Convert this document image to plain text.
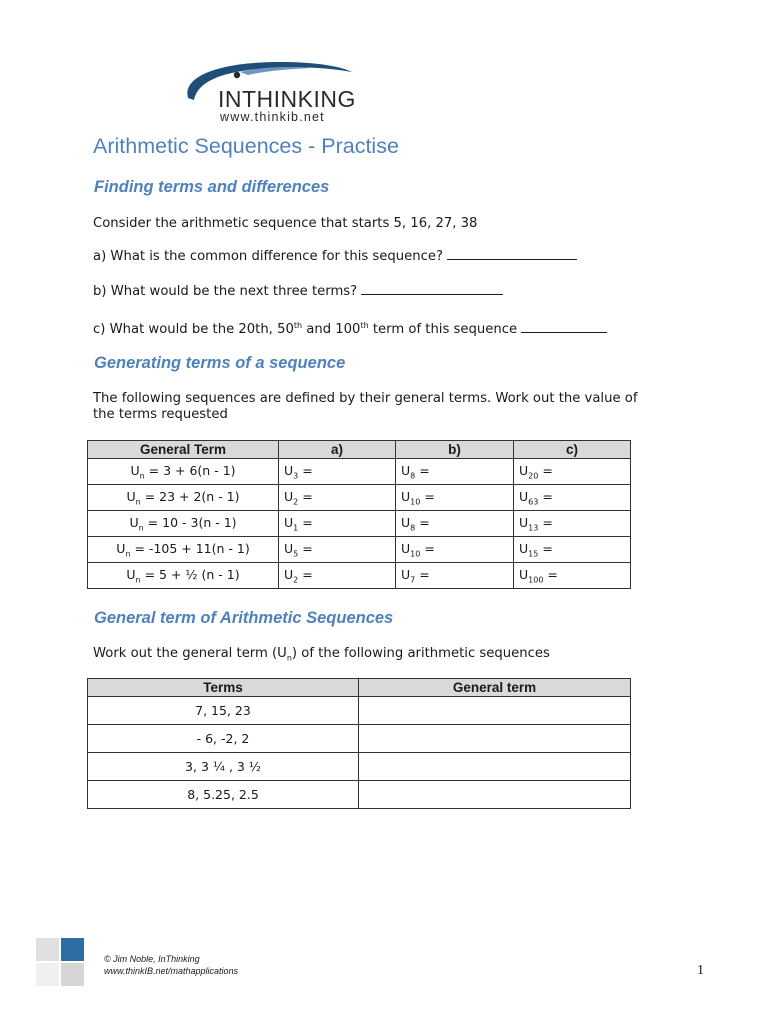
INTHINKING
www.thinkib.net
Arithmetic Sequences - Practise
Finding terms and differences

Consider the arithmetic sequence that starts 5, 16, 27, 38

a) What is the common difference for this sequence?

b) What would be the next three terms?

c) What would be the 20th, 50th and 100th term of this sequence

Generating terms of a sequence

The following sequences are defined by their general terms. Work out the value of

the terms requested

General Term	a)	b)	c)
$U_n = 3 + 6(n - 1)$	$U_3$ =	$U_8$ =	$U_{20}$ =
$U_n = 23 + 2(n - 1)$	$U_2$ =	$U_{10}$ =	$U_{63}$ =
$U_n = 10 - 3(n - 1)$	$U_1$ =	$U_8$ =	$U_{13}$ =
$U_n = -105 + 11(n - 1)$	$U_5$ =	$U_{10}$ =	$U_{15}$ =
$U_n = 5$ + ½ (n - 1)	$U_2$ =	$U_7$ =	$U_{100}$ =
General term of Arithmetic Sequences

Work out the general term $(U_n)$ of the following arithmetic sequences

Terms	General term
7, 15, 23	
- 6, -2, 2	
3, 3 ¼ , 3 ½	
8, 5.25, 2.5	
© Jim Noble, InThinking
www.thinkIB.net/mathapplications	1
